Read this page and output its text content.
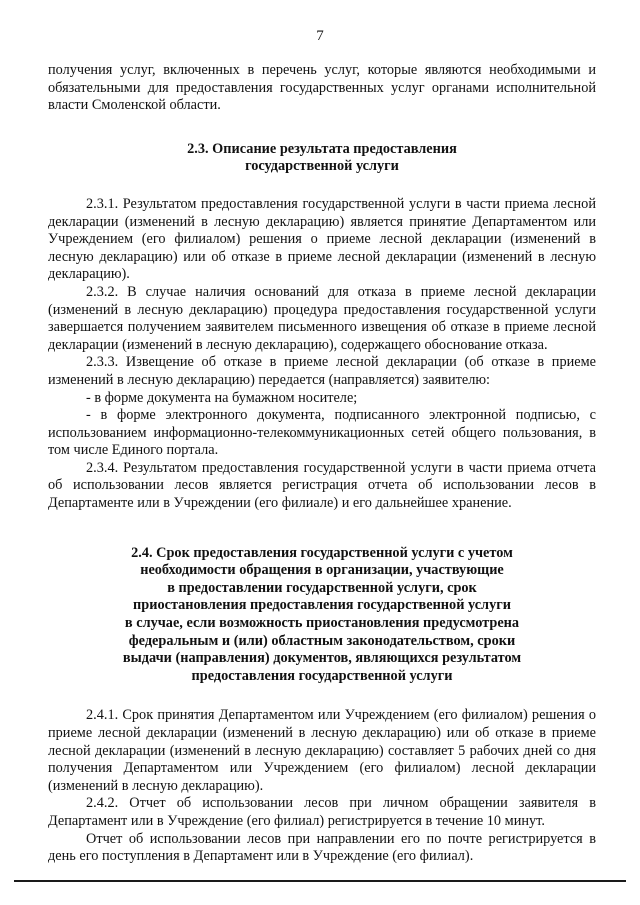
7

получения услуг, включенных в перечень услуг, которые являются необходимыми и обязательными для предоставления государственных услуг органами исполнительной власти Смоленской области.

2.3. Описание результата предоставления
государственной услуги

2.3.1. Результатом предоставления государственной услуги в части приема лесной декларации (изменений в лесную декларацию) является принятие Департаментом или Учреждением (его филиалом) решения о приеме лесной декларации (изменений в лесную декларацию) или об отказе в приеме лесной декларации (изменений в лесную декларацию).

2.3.2. В случае наличия оснований для отказа в приеме лесной декларации (изменений в лесную декларацию) процедура предоставления государственной услуги завершается получением заявителем письменного извещения об отказе в приеме лесной декларации (изменений в лесную декларацию), содержащего обоснование отказа.

2.3.3. Извещение об отказе в приеме лесной декларации (об отказе в приеме изменений в лесную декларацию) передается (направляется) заявителю:

- в форме документа на бумажном носителе;

- в форме электронного документа, подписанного электронной подписью, с использованием информационно-телекоммуникационных сетей общего пользования, в том числе Единого портала.

2.3.4. Результатом предоставления государственной услуги в части приема отчета об использовании лесов является регистрация отчета об использовании лесов в Департаменте или в Учреждении (его филиале) и его дальнейшее хранение.

2.4. Срок предоставления государственной услуги с учетом
необходимости обращения в организации, участвующие
в предоставлении государственной услуги, срок
приостановления предоставления государственной услуги
в случае, если возможность приостановления предусмотрена
федеральным и (или) областным законодательством, сроки
выдачи (направления) документов, являющихся результатом
предоставления государственной услуги

2.4.1. Срок принятия Департаментом или Учреждением (его филиалом) решения о приеме лесной декларации (изменений в лесную декларацию) или об отказе в приеме лесной декларации (изменений в лесную декларацию) составляет 5 рабочих дней со дня получения Департаментом или Учреждением (его филиалом) лесной декларации (изменений в лесную декларацию).

2.4.2. Отчет об использовании лесов при личном обращении заявителя в Департамент или в Учреждение (его филиал) регистрируется в течение 10 минут.

Отчет об использовании лесов при направлении его по почте регистрируется в день его поступления в Департамент или в Учреждение (его филиал).
